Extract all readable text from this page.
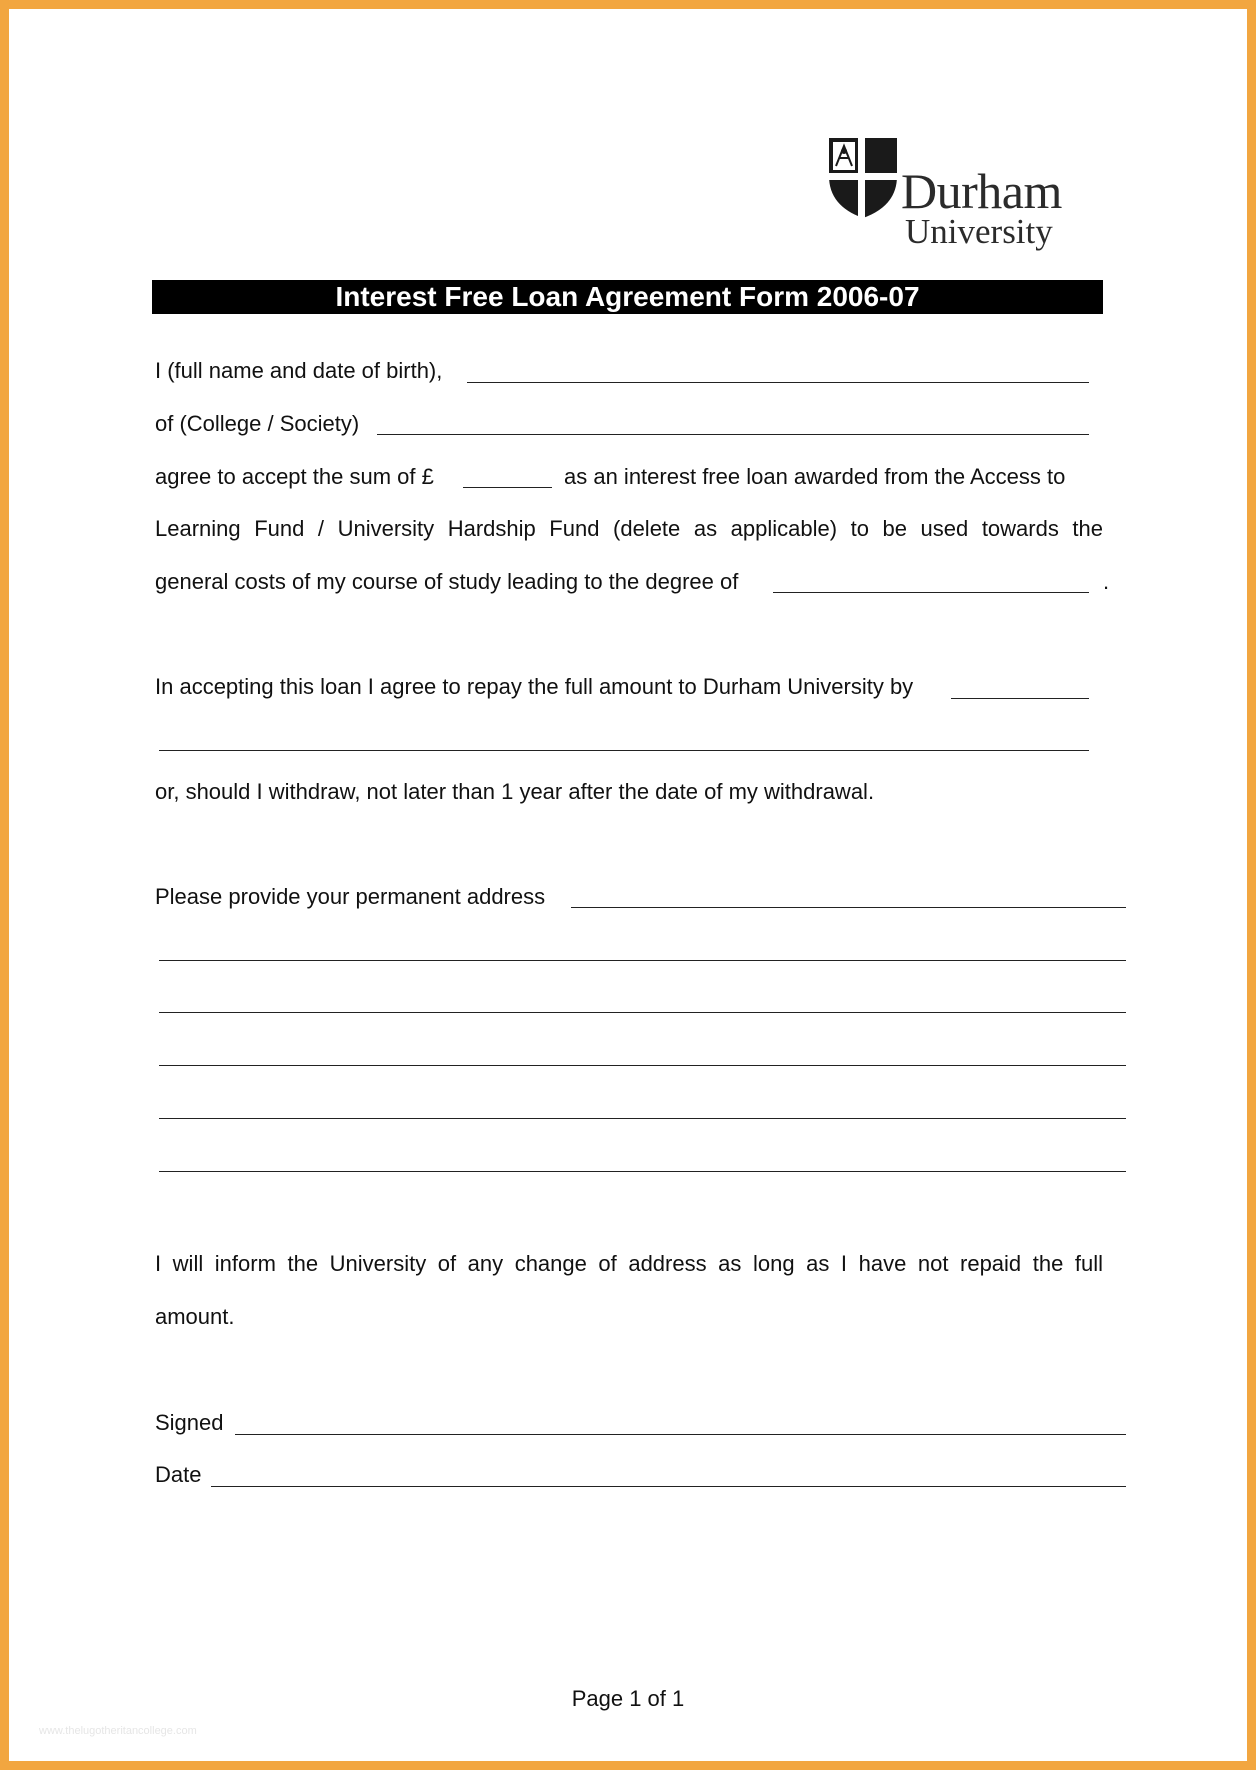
Durham
University
Interest Free Loan Agreement Form 2006-07
I (full name and date of birth),
of (College / Society)
agree to accept the sum of £	as an interest free loan awarded from the Access to
Learning Fund / University Hardship Fund (delete as applicable) to be used towards the
general costs of my course of study leading to the degree of	.
In accepting this loan I agree to repay the full amount to Durham University by
or, should I withdraw, not later than 1 year after the date of my withdrawal.
Please provide your permanent address
I will inform the University of any change of address as long as I have not repaid the full
amount.
Signed
Date
Page 1 of 1
www.thelugotheritancollege.com
